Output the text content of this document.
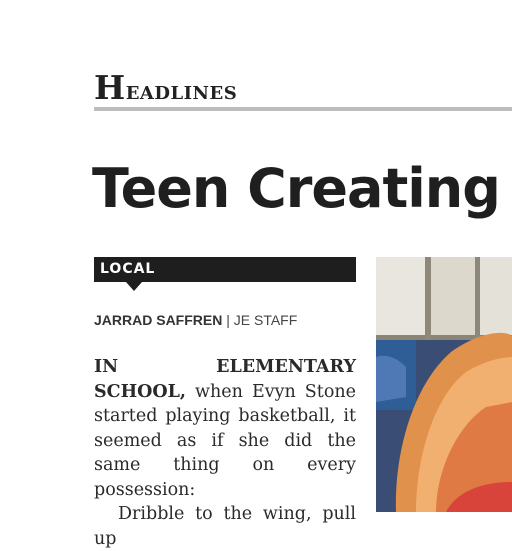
Headlines
Teen Creating
LOCAL
JARRAD SAFFREN | JE STAFF

IN ELEMENTARY SCHOOL, when Evyn Stone started playing basketball, it seemed as if she did the same thing on every possession:

Dribble to the wing, pull up
